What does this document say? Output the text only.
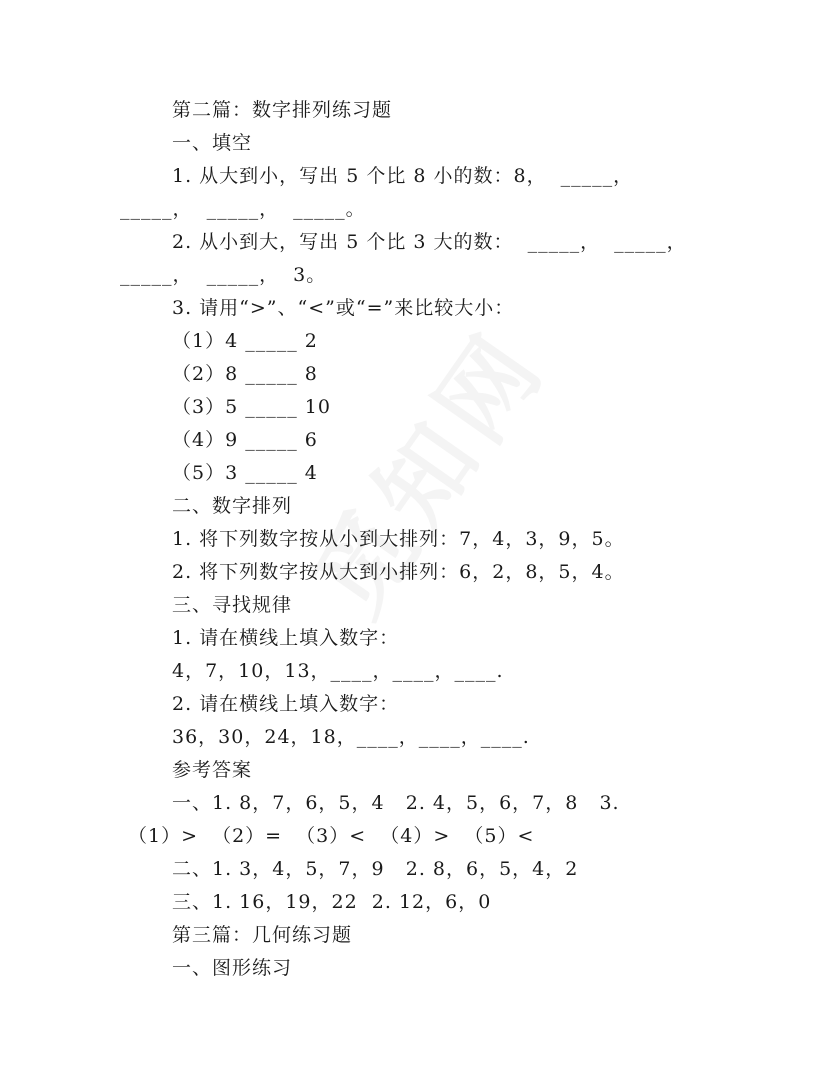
第二篇：数字排列练习题
一、填空
1. 从大到小，写出 5 个比 8 小的数：8，  _____，
_____，  _____，  _____。
2. 从小到大，写出 5 个比 3 大的数：  _____，  _____，
_____，  _____，  3。
3. 请用“>”、“<”或“=”来比较大小：
（1）4 _____ 2
（2）8 _____ 8
（3）5 _____ 10
（4）9 _____ 6
（5）3 _____ 4
二、数字排列
1. 将下列数字按从小到大排列：7，4，3，9，5。
2. 将下列数字按从大到小排列：6，2，8，5，4。
三、寻找规律
1. 请在横线上填入数字：
4，7，10，13，____，____，____.
2. 请在横线上填入数字：
36，30，24，18，____，____，____.
参考答案
一、1. 8，7，6，5，4   2. 4，5，6，7，8   3.
（1）>  （2）=  （3）<  （4）>  （5）<
二、1. 3，4，5，7，9   2. 8，6，5，4，2
三、1. 16，19，22  2. 12，6，0
第三篇：几何练习题
一、图形练习
